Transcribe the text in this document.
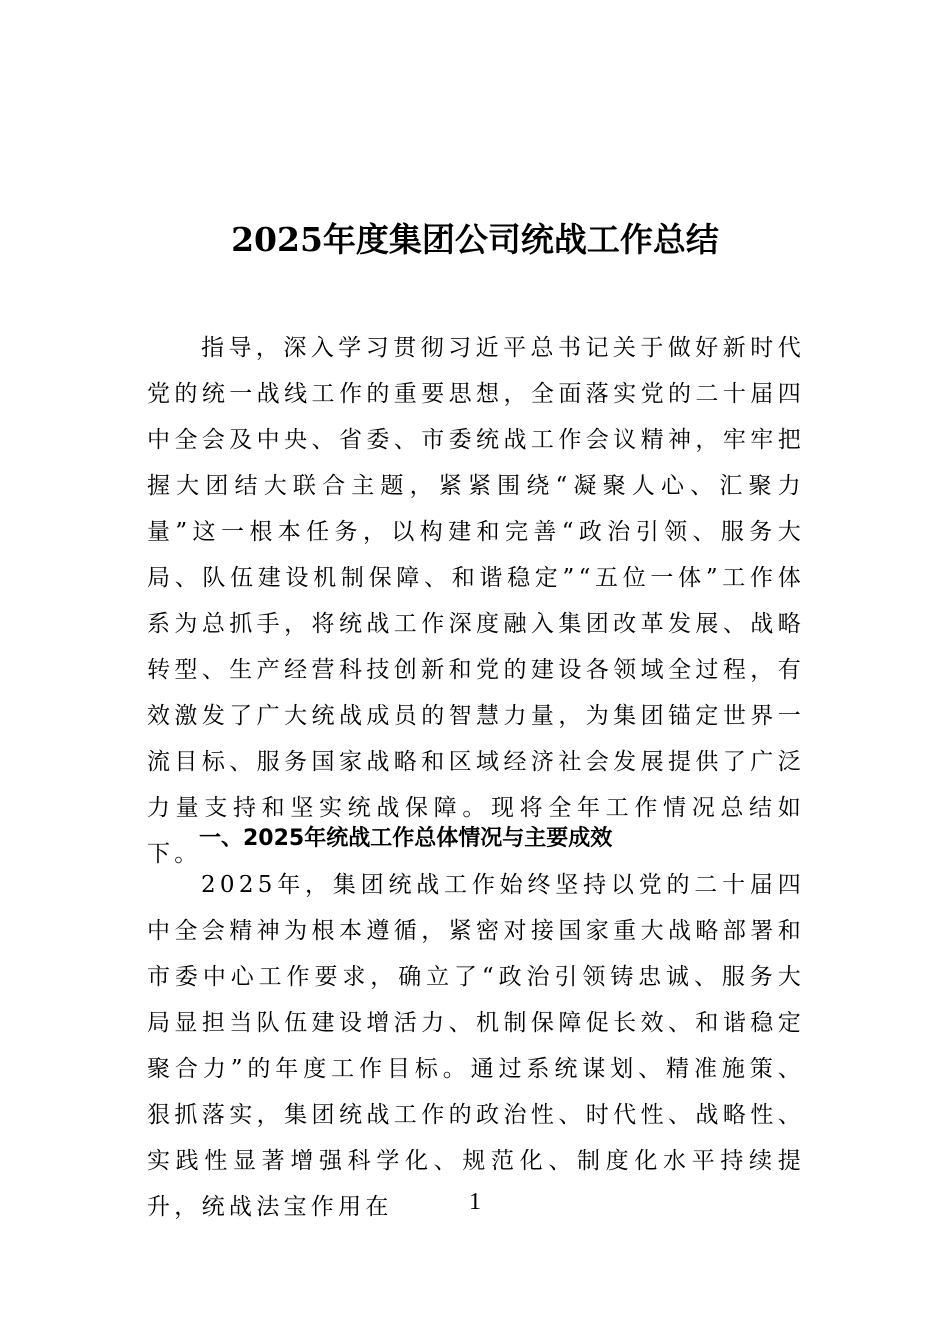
2025年度集团公司统战工作总结

指导，深入学习贯彻习近平总书记关于做好新时代党的统一战线工作的重要思想，全面落实党的二十届四中全会及中央、省委、市委统战工作会议精神，牢牢把握大团结大联合主题，紧紧围绕“凝聚人心、汇聚力量”这一根本任务，以构建和完善“政治引领、服务大局、队伍建设机制保障、和谐稳定”“五位一体”工作体系为总抓手，将统战工作深度融入集团改革发展、战略转型、生产经营科技创新和党的建设各领域全过程，有效激发了广大统战成员的智慧力量，为集团锚定世界一流目标、服务国家战略和区域经济社会发展提供了广泛力量支持和坚实统战保障。现将全年工作情况总结如下。

一、2025年统战工作总体情况与主要成效

2025年，集团统战工作始终坚持以党的二十届四中全会精神为根本遵循，紧密对接国家重大战略部署和市委中心工作要求，确立了“政治引领铸忠诚、服务大局显担当队伍建设增活力、机制保障促长效、和谐稳定聚合力”的年度工作目标。通过系统谋划、精准施策、狠抓落实，集团统战工作的政治性、时代性、战略性、实践性显著增强科学化、规范化、制度化水平持续提升，统战法宝作用在	1
